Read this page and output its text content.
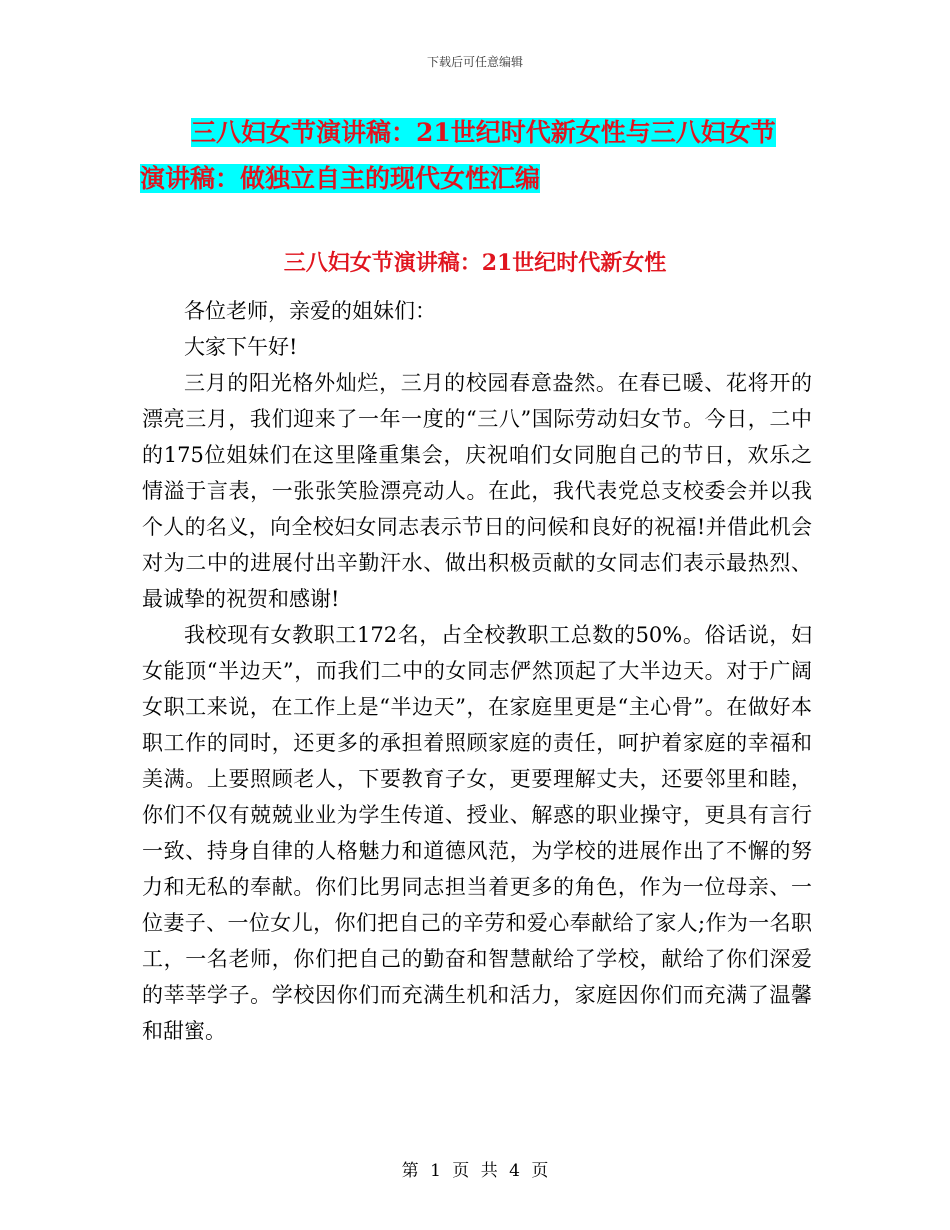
下载后可任意编辑
三八妇女节演讲稿：21世纪时代新女性与三八妇女节
演讲稿：做独立自主的现代女性汇编
三八妇女节演讲稿：21世纪时代新女性

各位老师，亲爱的姐妹们：

大家下午好!

三月的阳光格外灿烂，三月的校园春意盎然。在春已暖、花将开的漂亮三月，我们迎来了一年一度的“三八”国际劳动妇女节。今日，二中的175位姐妹们在这里隆重集会，庆祝咱们女同胞自己的节日，欢乐之情溢于言表，一张张笑脸漂亮动人。在此，我代表党总支校委会并以我个人的名义，向全校妇女同志表示节日的问候和良好的祝福!并借此机会对为二中的进展付出辛勤汗水、做出积极贡献的女同志们表示最热烈、最诚挚的祝贺和感谢!

我校现有女教职工172名，占全校教职工总数的50%。俗话说，妇女能顶“半边天”，而我们二中的女同志俨然顶起了大半边天。对于广阔女职工来说，在工作上是“半边天”，在家庭里更是“主心骨”。在做好本职工作的同时，还更多的承担着照顾家庭的责任，呵护着家庭的幸福和美满。上要照顾老人，下要教育子女，更要理解丈夫，还要邻里和睦，你们不仅有兢兢业业为学生传道、授业、解惑的职业操守，更具有言行一致、持身自律的人格魅力和道德风范，为学校的进展作出了不懈的努力和无私的奉献。你们比男同志担当着更多的角色，作为一位母亲、一位妻子、一位女儿，你们把自己的辛劳和爱心奉献给了家人;作为一名职工，一名老师，你们把自己的勤奋和智慧献给了学校，献给了你们深爱的莘莘学子。学校因你们而充满生机和活力，家庭因你们而充满了温馨和甜蜜。

第 1 页 共 4 页
